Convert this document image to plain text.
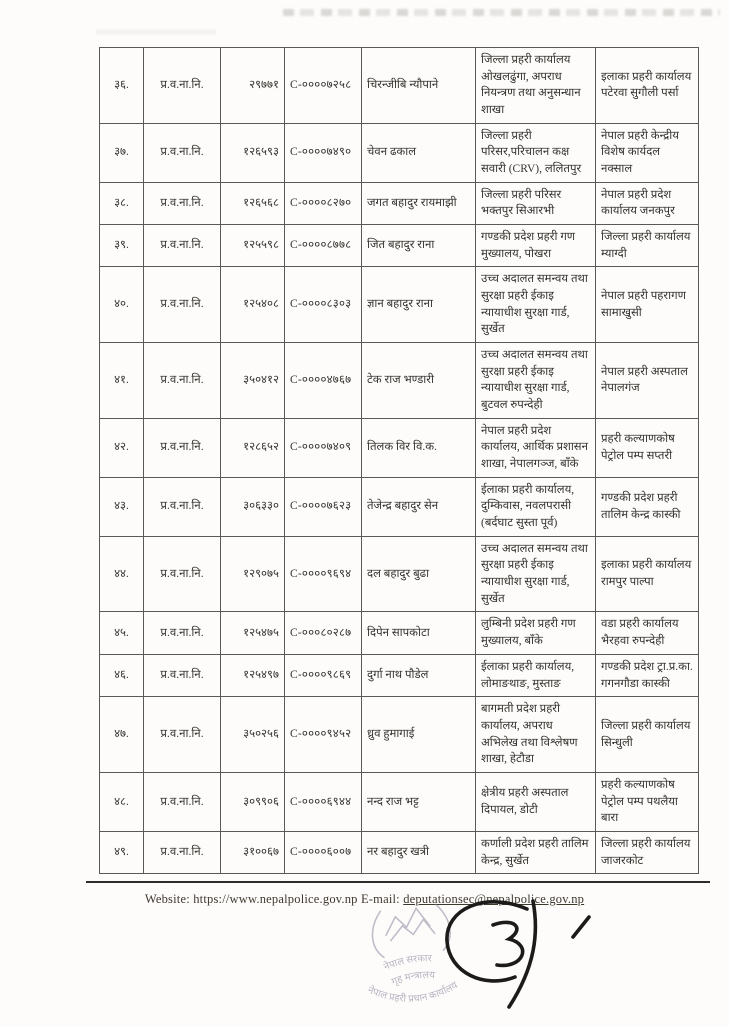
३६.	प्र.व.ना.नि.	२९७७१	C-००००७२५८	चिरन्जीबि न्यौपाने	जिल्ला प्रहरी कार्यालय ओखलढुंगा, अपराध नियन्त्रण तथा अनुसन्धान शाखा	इलाका प्रहरी कार्यालय पटेरवा सुगौली पर्सा
३७.	प्र.व.ना.नि.	१२६५९३	C-००००७४९०	चेवन ढकाल	जिल्ला प्रहरी परिसर,परिचालन कक्ष सवारी (CRV), ललितपुर	नेपाल प्रहरी केन्द्रीय विशेष कार्यदल नक्साल
३८.	प्र.व.ना.नि.	१२६५६८	C-००००८२७०	जगत बहादुर रायमाझी	जिल्ला प्रहरी परिसर भक्तपुर सिआरभी	नेपाल प्रहरी प्रदेश कार्यालय जनकपुर
३९.	प्र.व.ना.नि.	१२५५९८	C-००००८७७८	जित बहादुर राना	गण्डकी प्रदेश प्रहरी गण मुख्यालय, पोखरा	जिल्ला प्रहरी कार्यालय म्याग्दी
४०.	प्र.व.ना.नि.	१२५४०८	C-००००८३०३	ज्ञान बहादुर राना	उच्च अदालत समन्वय तथा सुरक्षा प्रहरी ईकाइ न्यायाधीश सुरक्षा गार्ड, सुर्खेत	नेपाल प्रहरी पहरागण सामाखुसी
४१.	प्र.व.ना.नि.	३५०४१२	C-००००४७६७	टेक राज भण्डारी	उच्च अदालत समन्वय तथा सुरक्षा प्रहरी ईकाइ न्यायाधीश सुरक्षा गार्ड, बुटवल रुपन्देही	नेपाल प्रहरी अस्पताल नेपालगंज
४२.	प्र.व.ना.नि.	१२८६५२	C-००००७४०९	तिलक विर वि.क.	नेपाल प्रहरी प्रदेश कार्यालय, आर्थिक प्रशासन शाखा, नेपालगञ्ज, बाँके	प्रहरी कल्याणकोष पेट्रोल पम्प सप्तरी
४३.	प्र.व.ना.नि.	३०६३३०	C-००००७६२३	तेजेन्द्र बहादुर सेन	ईलाका प्रहरी कार्यालय, दुम्किवास, नवलपरासी (बर्दघाट सुस्ता पूर्व)	गण्डकी प्रदेश प्रहरी तालिम केन्द्र कास्की
४४.	प्र.व.ना.नि.	१२९०७५	C-००००९६९४	दल बहादुर बुढा	उच्च अदालत समन्वय तथा सुरक्षा प्रहरी ईकाइ न्यायाधीश सुरक्षा गार्ड, सुर्खेत	इलाका प्रहरी कार्यालय रामपुर पाल्पा
४५.	प्र.व.ना.नि.	१२५४७५	C-०००८०२८७	दिपेन सापकोटा	लुम्बिनी प्रदेश प्रहरी गण मुख्यालय, बाँके	वडा प्रहरी कार्यालय भैरहवा रुपन्देही
४६.	प्र.व.ना.नि.	१२५४९७	C-००००९८६९	दुर्गा नाथ पौडेल	ईलाका प्रहरी कार्यालय, लोमाङथाङ, मुस्ताङ	गण्डकी प्रदेश ट्रा.प्र.का. गगनगौडा कास्की
४७.	प्र.व.ना.नि.	३५०२५६	C-००००९४५२	ध्रुव हुमागाई	बागमती प्रदेश प्रहरी कार्यालय, अपराध अभिलेख तथा विश्लेषण शाखा, हेटौडा	जिल्ला प्रहरी कार्यालय सिन्धुली
४८.	प्र.व.ना.नि.	३०९९०६	C-००००६९४४	नन्द राज भट्ट	क्षेत्रीय प्रहरी अस्पताल दिपायल, डोटी	प्रहरी कल्याणकोष पेट्रोल पम्प पथलैया बारा
४९.	प्र.व.ना.नि.	३१००६७	C-००००६००७	नर बहादुर खत्री	कर्णाली प्रदेश प्रहरी तालिम केन्द्र, सुर्खेत	जिल्ला प्रहरी कार्यालय जाजरकोट
Website: https://www.nepalpolice.gov.np E-mail: deputationsec@nepalpolice.gov.np
नेपाल सरकार
गृह मन्त्रालय
नेपाल प्रहरी प्रधान कार्यालय
